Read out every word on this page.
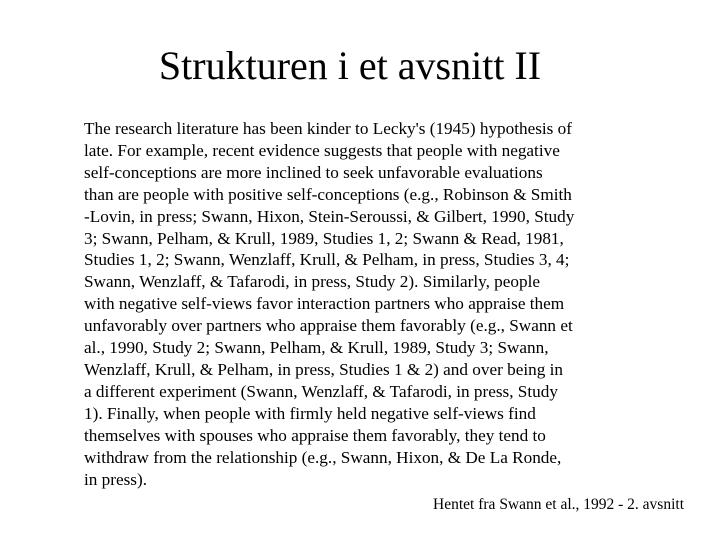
Strukturen i et avsnitt II
The research literature has been kinder to Lecky's (1945) hypothesis of
late. For example, recent evidence suggests that people with negative
self-conceptions are more inclined to seek unfavorable evaluations
than are people with positive self-conceptions (e.g., Robinson & Smith
-Lovin, in press; Swann, Hixon, Stein-Seroussi, & Gilbert, 1990, Study
3; Swann, Pelham, & Krull, 1989, Studies 1, 2; Swann & Read, 1981,
Studies 1, 2; Swann, Wenzlaff, Krull, & Pelham, in press, Studies 3, 4;
Swann, Wenzlaff, & Tafarodi, in press, Study 2). Similarly, people
with negative self-views favor interaction partners who appraise them
unfavorably over partners who appraise them favorably (e.g., Swann et
al., 1990, Study 2; Swann, Pelham, & Krull, 1989, Study 3; Swann,
Wenzlaff, Krull, & Pelham, in press, Studies 1 & 2) and over being in
a different experiment (Swann, Wenzlaff, & Tafarodi, in press, Study
1). Finally, when people with firmly held negative self-views find
themselves with spouses who appraise them favorably, they tend to
withdraw from the relationship (e.g., Swann, Hixon, & De La Ronde,
in press).

Hentet fra Swann et al., 1992 - 2. avsnitt
